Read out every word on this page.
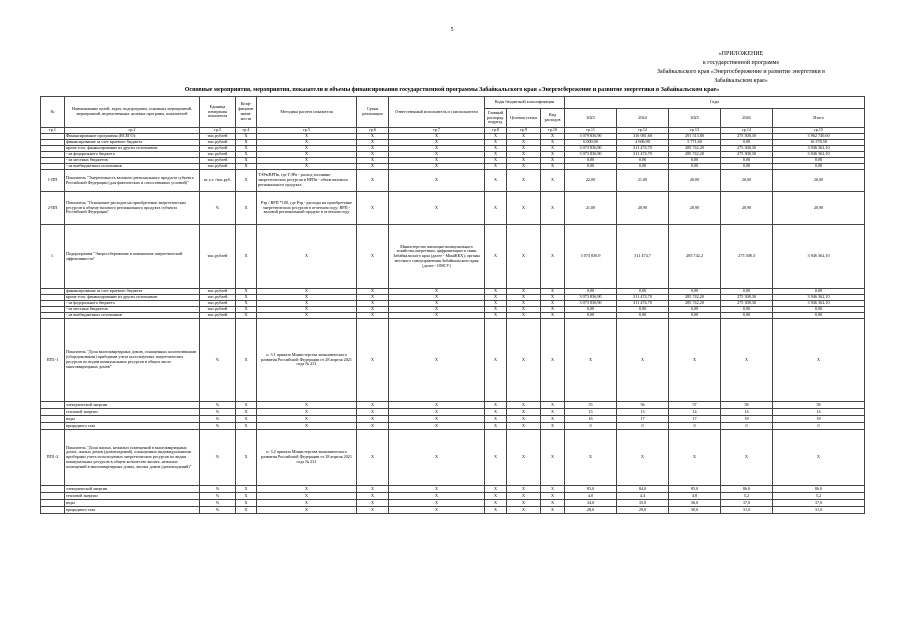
5
«ПРИЛОЖЕНИЕ
к государственной программе
Забайкальского края «Энергосбережение и развитие энергетики в
Забайкальском крае»
Основные мероприятия, мероприятия, показатели и объемы финансирования государственной программы Забайкальского края «Энергосбережение и развитие энергетики в Забайкальском крае»
№	Наименование целей, задач, подпрограмм, основных мероприятий, мероприятий, ведомственных целевых программ, показателей	Единица измерения показателя	Коэф-фициент значи-мости	Методика расчета показателя	Сроки реализации	Ответственный исполнитель и соисполнители	Коды бюджетной классификации			Годы				
							Главный распоряд. подразд.	Целевая статья	Вид расходов	2023	2024	2025	2026	Итого
гр.1	гр.2	гр.3	гр.4	гр.5	гр.6	гр.7	гр.8	гр.9	гр.10	гр.11	гр.12	гр.13	гр.14	гр.15
	Финансирование программы (ВСЕГО):	тыс.рублей	X	X	X	X	X	X	X	3 079 836,90	316 081,60	291 513,80	275 308,30	3 962 740,60
	финансирование за счет краевого бюджета	тыс.рублей	X	X	X	X	X	X	X	6 000,00	4 606,90	5 771,60	0,00	16 378,50
	кроме того, финансирование из других источников:	тыс.рублей	X	X	X	X	X	X	X	3 073 836,90	311 474,70	285 742,20	275 308,30	3 946 362,10
	- из федерального бюджета	тыс.рублей	X	X	X	X	X	X	X	3 073 836,90	311 474,70	285 742,20	275 308,30	3 946 362,10
	- из местных бюджетов	тыс.рублей	X	X	X	X	X	X	X	0,00	0,00	0,00	0,00	0,00
	- из внебюджетных источников	тыс.рублей	X	X	X	X	X	X	X	0,00	0,00	0,00	0,00	0,00
1-ПП	Показатель "Энергоемкость валового регионального продукта субъекта Российской Федерации (для фактических и сопоставимых условий)"	кг у.т. /тыс.руб.	X	ТЭРв/ВРПв, где ТЭРв - расход топливно-энергетических ресурсов в ВРПв - объем валового регионального продукта	X	X	X	X	X	22,00	21,00	20,00	20,00	20,00
2-ПП	Показатель "Отношение расходов на приобретение энергетических ресурсов к объему валового регионального продукта субъекта Российской Федерации"	%	X	Рэр / ВРП *100, где Рэр - расходы на приобретение энергетических ресурсов в отчетном году; ВРП - валовой региональный продукт в отчетном году	X	X	X	X	X	21,00	20,90	20,90	20,90	20,90
1.	Подпрограмма "Энергосбережение и повышение энергетической эффективности"	тыс.рублей	X	X	X	Министерство жилищно-коммунального хозяйства,энергетики, цифровизации и связи Забайкальского края (далее - МинЖКХ); органы местного самоуправления Забайкальского края (далее - ОМСУ)	X	X	X	3 073 836,9	311 474,7	285 742,2	275 308,3	3 946 362,10
	финансирование за счет краевого бюджета	тыс.рублей	X	X	X	X	X	X	X	0,00	0,00	0,00	0,00	0,00
	кроме того, финансирование из других источников:	тыс.рублей	X	X	X	X	X	X	X	3 073 836,90	311 474,70	285 742,20	275 308,30	3 946 362,10
	- из федерального бюджета	тыс.рублей	X	X	X	X	X	X	X	3 073 836,90	311 474,70	285 742,20	275 308,30	3 946 362,10
	- из местных бюджетов	тыс.рублей	X	X	X	X	X	X	X	0,00	0,00	0,00	0,00	0,00
	- из внебюджетных источников	тыс.рублей	X	X	X	X	X	X	X	0,00	0,00	0,00	0,00	0,00
ПП1-1	Показатель "Доля многоквартирных домов, оснащенных коллективными (общедомовыми) приборами учета используемых энергетических ресурсов по видам коммунальных ресурсов в общем числе многоквартирных домов"	%	X	п. 3.1 приказа Министерства экономического развития Российской Федерации от 28 апреля 2021 года № 231	X	X	X	X	X	X	X	X	X	X
	электрической энергии	%	X	X	X	X	X	X	X	55	56	57	58	58
	тепловой энергии	%	X	X	X	X	X	X	X	13	13	14	14	14
	воды	%	X	X	X	X	X	X	X	16	17	17	18	18
	природного газа	%	X	X	X	X	X	X	X	0	0	0	0	0
ПП1-2	Показатель "Доля жилых, нежилых помещений в многоквартирных домах, жилых домов (домовладений), оснащенных индивидуальными приборами учета используемых энергетических ресурсов по видам коммунальных ресурсов в общем количестве жилых, нежилых помещений в многоквартирных домах, жилых домов (домовладений)"	%	X	п. 3.2 приказа Министерства экономического развития Российской Федерации от 28 апреля 2021 года № 231	X	X	X	X	X	X	X	X	X	X
	электрической энергии	%	X	X	X	X	X	X	X	83,0	84,0	85,0	86,0	86,0
	тепловой энергии	%	X	X	X	X	X	X	X	4,0	4,4	4,8	5,2	5,2
	воды	%	X	X	X	X	X	X	X	34,0	35,0	36,0	37,0	37,0
	природного газа	%	X	X	X	X	X	X	X	28,0	29,0	30,0	31,0	31,0
